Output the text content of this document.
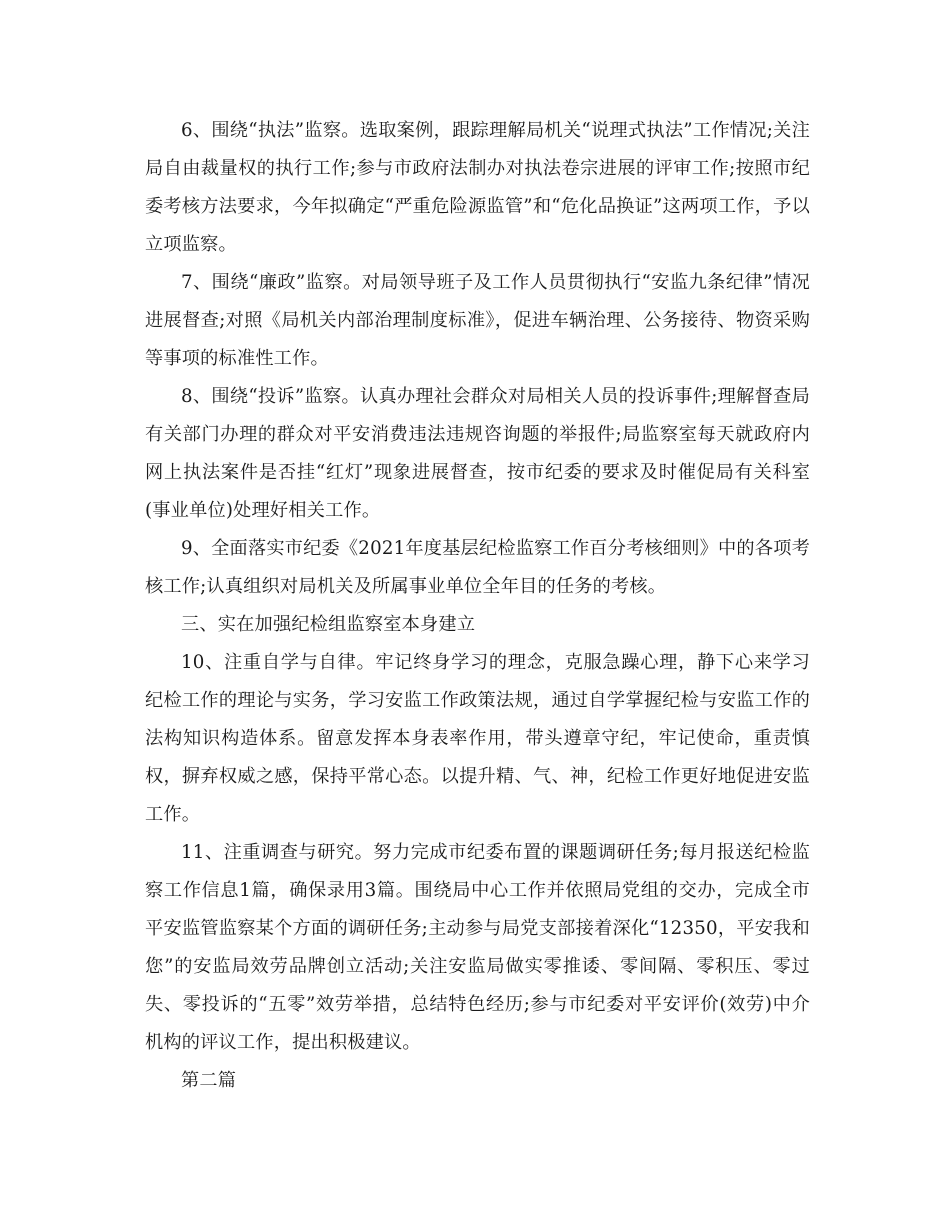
6、围绕“执法”监察。选取案例，跟踪理解局机关“说理式执法”工作情况;关注局自由裁量权的执行工作;参与市政府法制办对执法卷宗进展的评审工作;按照市纪委考核方法要求，今年拟确定“严重危险源监管”和“危化品换证”这两项工作，予以立项监察。

7、围绕“廉政”监察。对局领导班子及工作人员贯彻执行“安监九条纪律”情况进展督查;对照《局机关内部治理制度标准》，促进车辆治理、公务接待、物资采购等事项的标准性工作。

8、围绕“投诉”监察。认真办理社会群众对局相关人员的投诉事件;理解督查局有关部门办理的群众对平安消费违法违规咨询题的举报件;局监察室每天就政府内网上执法案件是否挂“红灯”现象进展督查，按市纪委的要求及时催促局有关科室(事业单位)处理好相关工作。

9、全面落实市纪委《2021年度基层纪检监察工作百分考核细则》中的各项考核工作;认真组织对局机关及所属事业单位全年目的任务的考核。

三、实在加强纪检组监察室本身建立

10、注重自学与自律。牢记终身学习的理念，克服急躁心理，静下心来学习纪检工作的理论与实务，学习安监工作政策法规，通过自学掌握纪检与安监工作的法构知识构造体系。留意发挥本身表率作用，带头遵章守纪，牢记使命，重责慎权，摒弃权威之感，保持平常心态。以提升精、气、神，纪检工作更好地促进安监工作。

11、注重调查与研究。努力完成市纪委布置的课题调研任务;每月报送纪检监察工作信息1篇，确保录用3篇。围绕局中心工作并依照局党组的交办，完成全市平安监管监察某个方面的调研任务;主动参与局党支部接着深化“12350，平安我和您”的安监局效劳品牌创立活动;关注安监局做实零推诿、零间隔、零积压、零过失、零投诉的“五零”效劳举措，总结特色经历;参与市纪委对平安评价(效劳)中介机构的评议工作，提出积极建议。

第二篇
